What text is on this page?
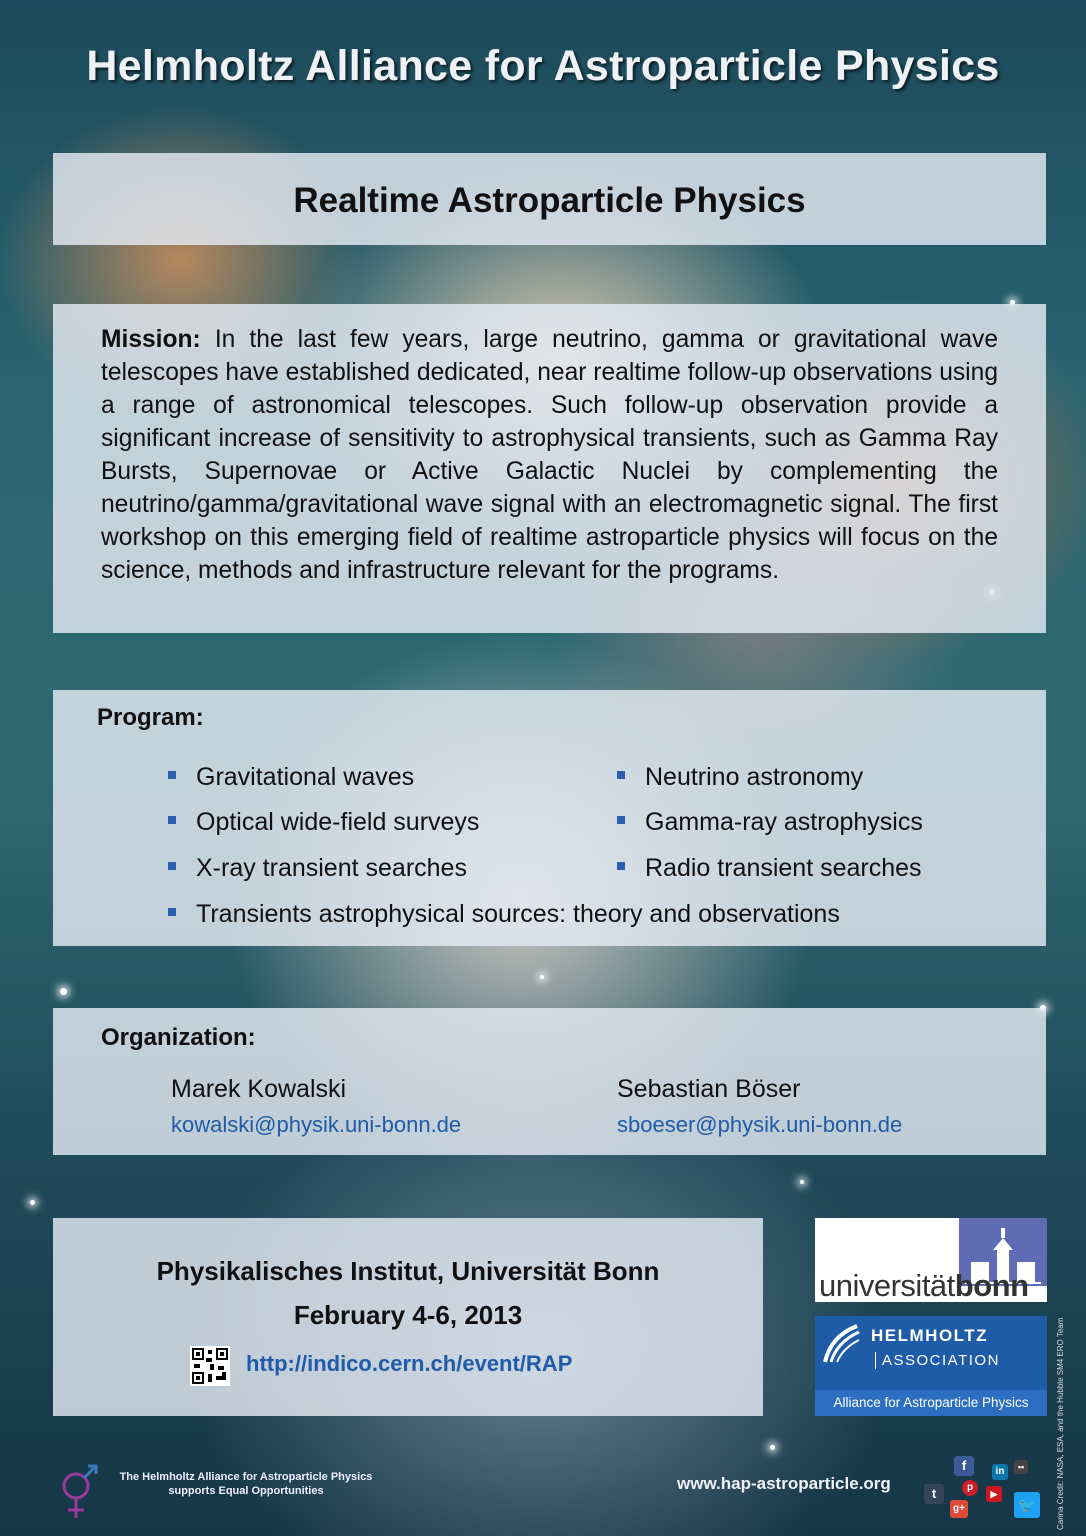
Helmholtz Alliance for Astroparticle Physics
Realtime Astroparticle Physics

Mission: In the last few years, large neutrino, gamma or gravitational wave telescopes have established dedicated, near realtime follow-up observations using a range of astronomical telescopes. Such follow-up observation provide a significant increase of sensitivity to astrophysical transients, such as Gamma Ray Bursts, Supernovae or Active Galactic Nuclei by complementing the neutrino/gamma/gravitational wave signal with an electromagnetic signal. The first workshop on this emerging field of realtime astroparticle physics will focus on the science, methods and infrastructure relevant for the programs.

Program:
Gravitational waves	Neutrino astronomy
Optical wide-field surveys	Gamma-ray astrophysics
X-ray transient searches	Radio transient searches
Transients astrophysical sources: theory and observations
Organization:
Marek Kowalski
kowalski@physik.uni-bonn.de
Sebastian Böser
sboeser@physik.uni-bonn.de
Physikalisches Institut, Universität Bonn
February 4-6, 2013
http://indico.cern.ch/event/RAP
universitätbonn
HELMHOLTZ
ASSOCIATION
Alliance for Astroparticle Physics
The Helmholtz Alliance for Astroparticle Physics
supports Equal Opportunities	www.hap-astroparticle.org
f	in	••
t	p
▶
g+	🐦	Carina Credit: NASA, ESA, and the Hubble SM4 ERO Team
